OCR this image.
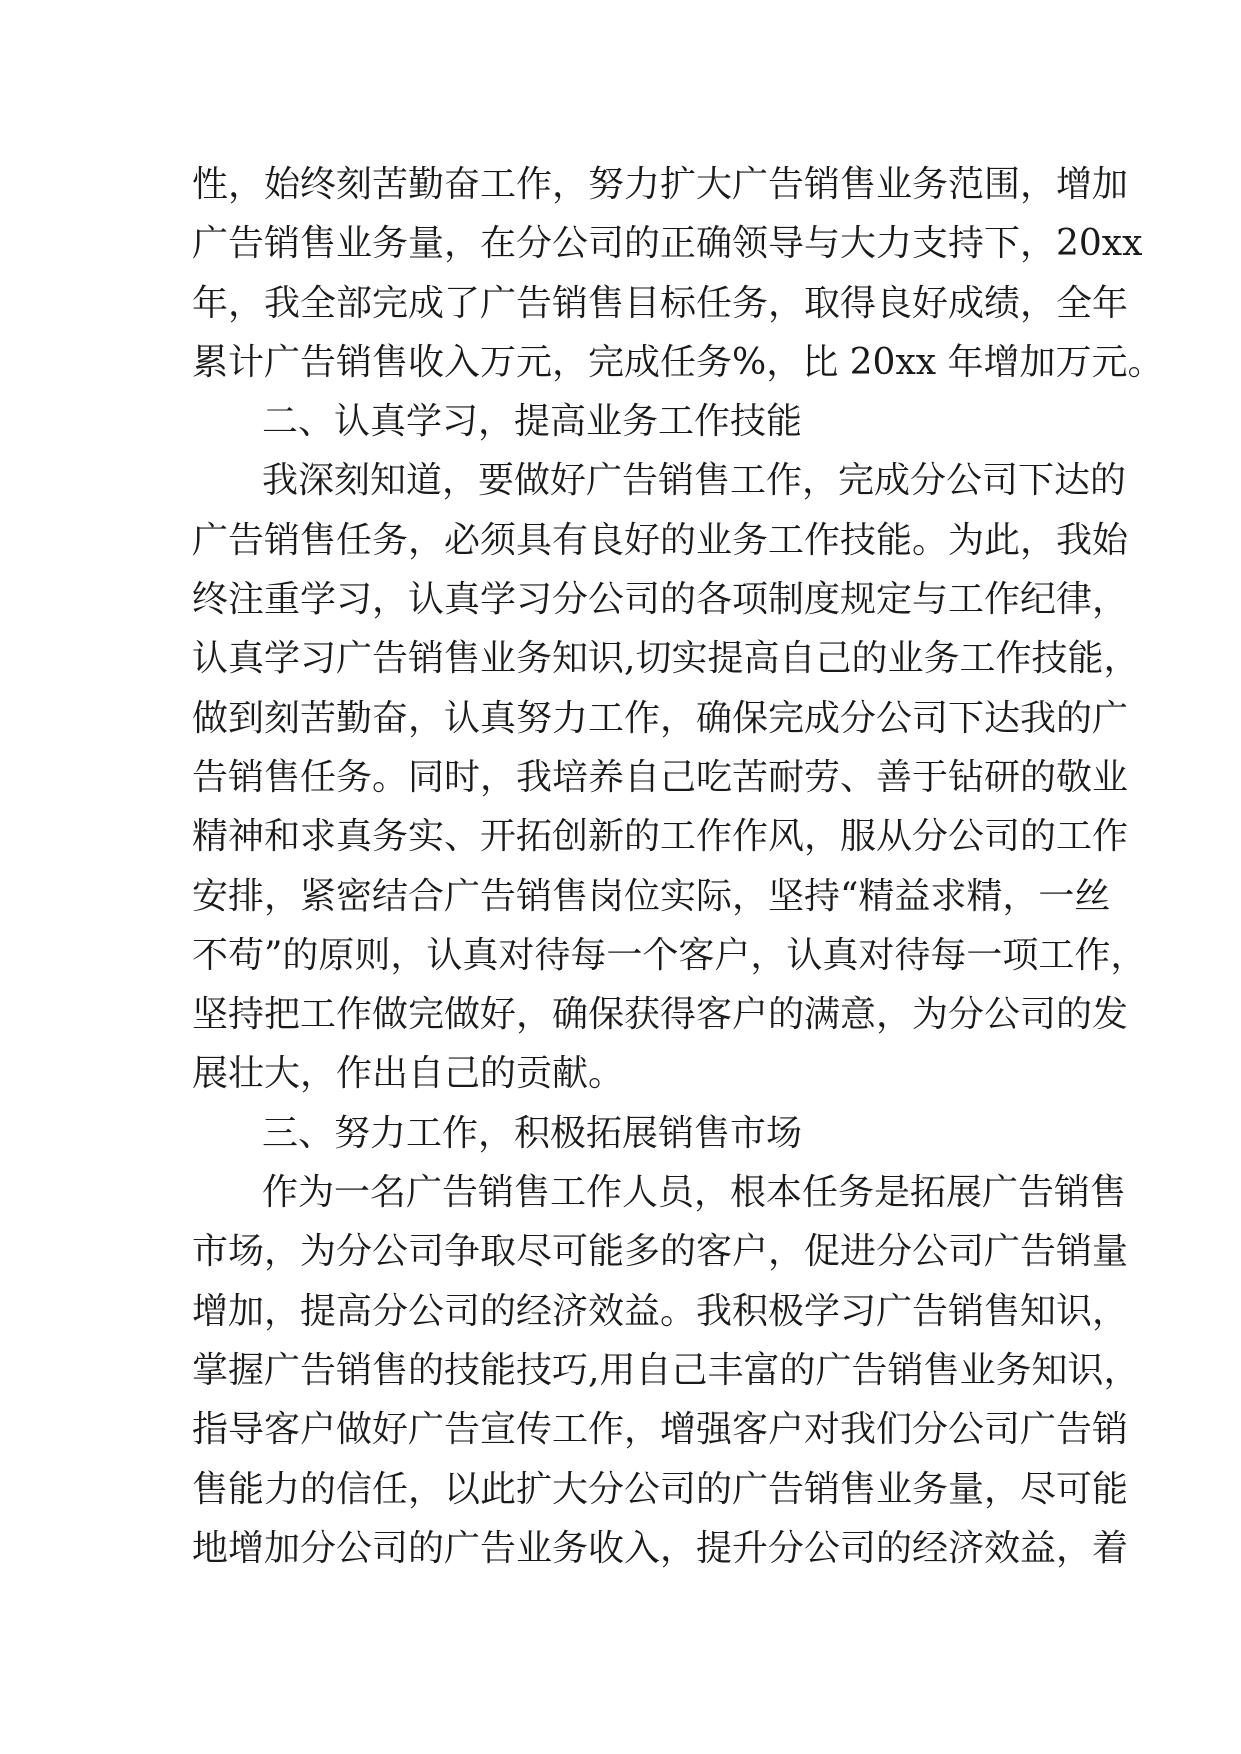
性，始终刻苦勤奋工作，努力扩大广告销售业务范围，增加
广告销售业务量，在分公司的正确领导与大力支持下，20xx
年，我全部完成了广告销售目标任务，取得良好成绩，全年
累计广告销售收入万元，完成任务%，比 20xx 年增加万元。
二、认真学习，提高业务工作技能
我深刻知道，要做好广告销售工作，完成分公司下达的
广告销售任务，必须具有良好的业务工作技能。为此，我始
终注重学习，认真学习分公司的各项制度规定与工作纪律，
认真学习广告销售业务知识,切实提高自己的业务工作技能，
做到刻苦勤奋，认真努力工作，确保完成分公司下达我的广
告销售任务。同时，我培养自己吃苦耐劳、善于钻研的敬业
精神和求真务实、开拓创新的工作作风，服从分公司的工作
安排，紧密结合广告销售岗位实际，坚持“精益求精，一丝
不苟”的原则，认真对待每一个客户，认真对待每一项工作，
坚持把工作做完做好，确保获得客户的满意，为分公司的发
展壮大，作出自己的贡献。
三、努力工作，积极拓展销售市场
作为一名广告销售工作人员，根本任务是拓展广告销售
市场，为分公司争取尽可能多的客户，促进分公司广告销量
增加，提高分公司的经济效益。我积极学习广告销售知识，
掌握广告销售的技能技巧,用自己丰富的广告销售业务知识，
指导客户做好广告宣传工作，增强客户对我们分公司广告销
售能力的信任，以此扩大分公司的广告销售业务量，尽可能
地增加分公司的广告业务收入，提升分公司的经济效益，着
